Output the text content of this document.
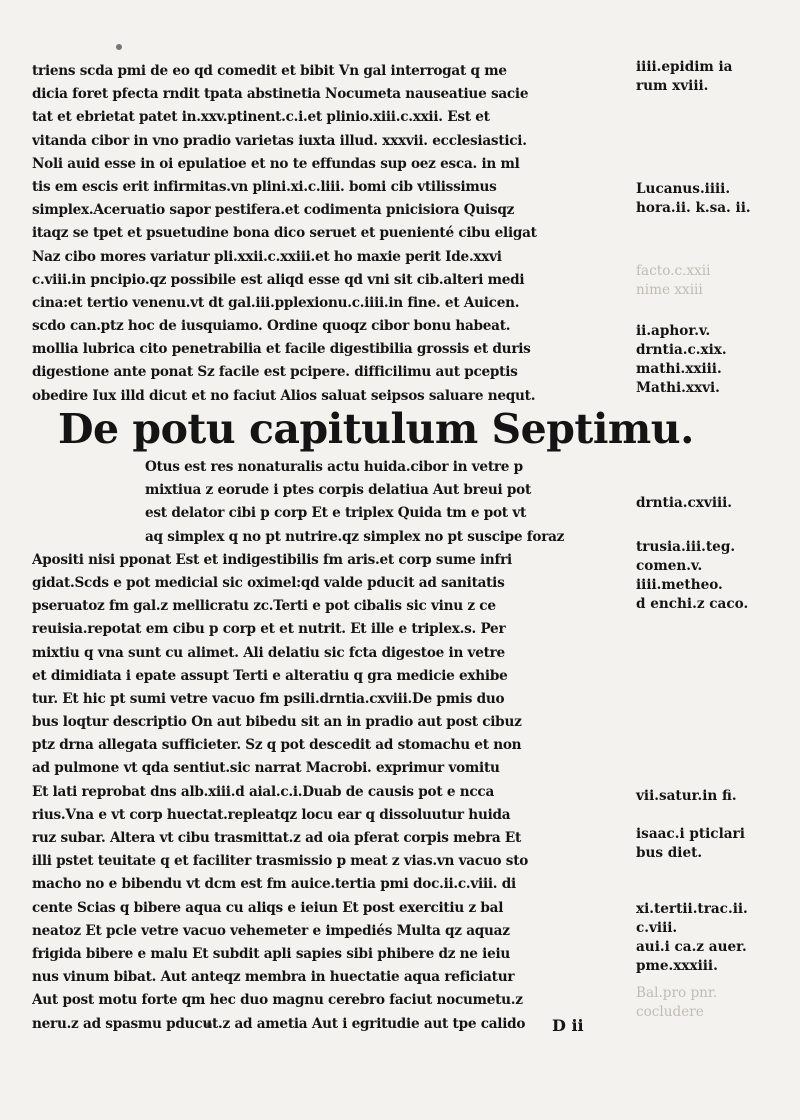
triens scda pmi de eo qd comedit et bibit Vn gal interrogat q me
dicia foret pfecta rndit tpata abstinetia Nocumeta nauseatiue sacie
tat et ebrietat patet in.xxv.ptinent.c.i.et plinio.xiii.c.xxii. Est et
vitanda cibor in vno pradio varietas iuxta illud. xxxvii. ecclesiastici.
Noli auid esse in oi epulatioe et no te effundas sup oez esca. in ml
tis em escis erit infirmitas.vn plini.xi.c.liii. bomi cib vtilissimus
simplex.Aceruatio sapor pestifera.et codimenta pnicisiora Quisqz
itaqz se tpet et psuetudine bona dico seruet et puenienté cibu eligat
Naz cibo mores variatur pli.xxii.c.xxiii.et ho maxie perit Ide.xxvi
c.viii.in pncipio.qz possibile est aliqd esse qd vni sit cib.alteri medi
cina:et tertio venenu.vt dt gal.iii.pplexionu.c.iiii.in fine. et Auicen.
scdo can.ptz hoc de iusquiamo. Ordine quoqz cibor bonu habeat.
mollia lubrica cito penetrabilia et facile digestibilia grossis et duris
digestione ante ponat Sz facile est pcipere. difficilimu aut pceptis
obedire Iux illd dicut et no faciut Alios saluat seipsos saluare nequt.
De potu capitulum Septimu.
Otus est res nonaturalis actu huida.cibor in vetre p
mixtiua z eorude i ptes corpis delatiua Aut breui pot
est delator cibi p corp Et e triplex Quida tm e pot vt
aq simplex q no pt nutrire.qz simplex no pt suscipe foraz
Apositi nisi pponat Est et indigestibilis fm aris.et corp sume infri
gidat.Scds e pot medicial sic oximel:qd valde pducit ad sanitatis
pseruatoz fm gal.z mellicratu zc.Terti e pot cibalis sic vinu z ce
reuisia.repotat em cibu p corp et et nutrit. Et ille e triplex.s. Per
mixtiu q vna sunt cu alimet. Ali delatiu sic fcta digestoe in vetre
et dimidiata i epate assupt Terti e alteratiu q gra medicie exhibe
tur. Et hic pt sumi vetre vacuo fm psili.drntia.cxviii.De pmis duo
bus loqtur descriptio On aut bibedu sit an in pradio aut post cibuz
ptz drna allegata sufficieter. Sz q pot descedit ad stomachu et non
ad pulmone vt qda sentiut.sic narrat Macrobi. exprimur vomitu
Et lati reprobat dns alb.xiii.d aial.c.i.Duab de causis pot e ncca
rius.Vna e vt corp huectat.repleatqz locu ear q dissoluutur huida
ruz subar. Altera vt cibu trasmittat.z ad oia pferat corpis mebra Et
illi pstet teuitate q et faciliter trasmissio p meat z vias.vn vacuo sto
macho no e bibendu vt dcm est fm auice.tertia pmi doc.ii.c.viii. di
cente Scias q bibere aqua cu aliqs e ieiun Et post exercitiu z bal
neatoz Et pcle vetre vacuo vehemeter e impediés Multa qz aquaz
frigida bibere e malu Et subdit apli sapies sibi phibere dz ne ieiu
nus vinum bibat. Aut anteqz membra in huectatie aqua reficiatur
Aut post motu forte qm hec duo magnu cerebro faciut nocumetu.z
neru.z ad spasmu pducut.z ad ametia Aut i egritudie aut tpe calido
iiii.epidim ia
rum xviii.
Lucanus.iiii.
hora.ii. k.sa. ii.
facto.c.xxii
nime xxiii
ii.aphor.v.
drntia.c.xix.
mathi.xxiii.
Mathi.xxvi.
drntia.cxviii.
trusia.iii.teg.
comen.v.
iiii.metheo.
d enchi.z caco.
vii.satur.in fi.
isaac.i pticlari
bus diet.
xi.tertii.trac.ii.
c.viii.
aui.i ca.z auer.
pme.xxxiii.
Bal.pro pnr.
cocludere
D ii
